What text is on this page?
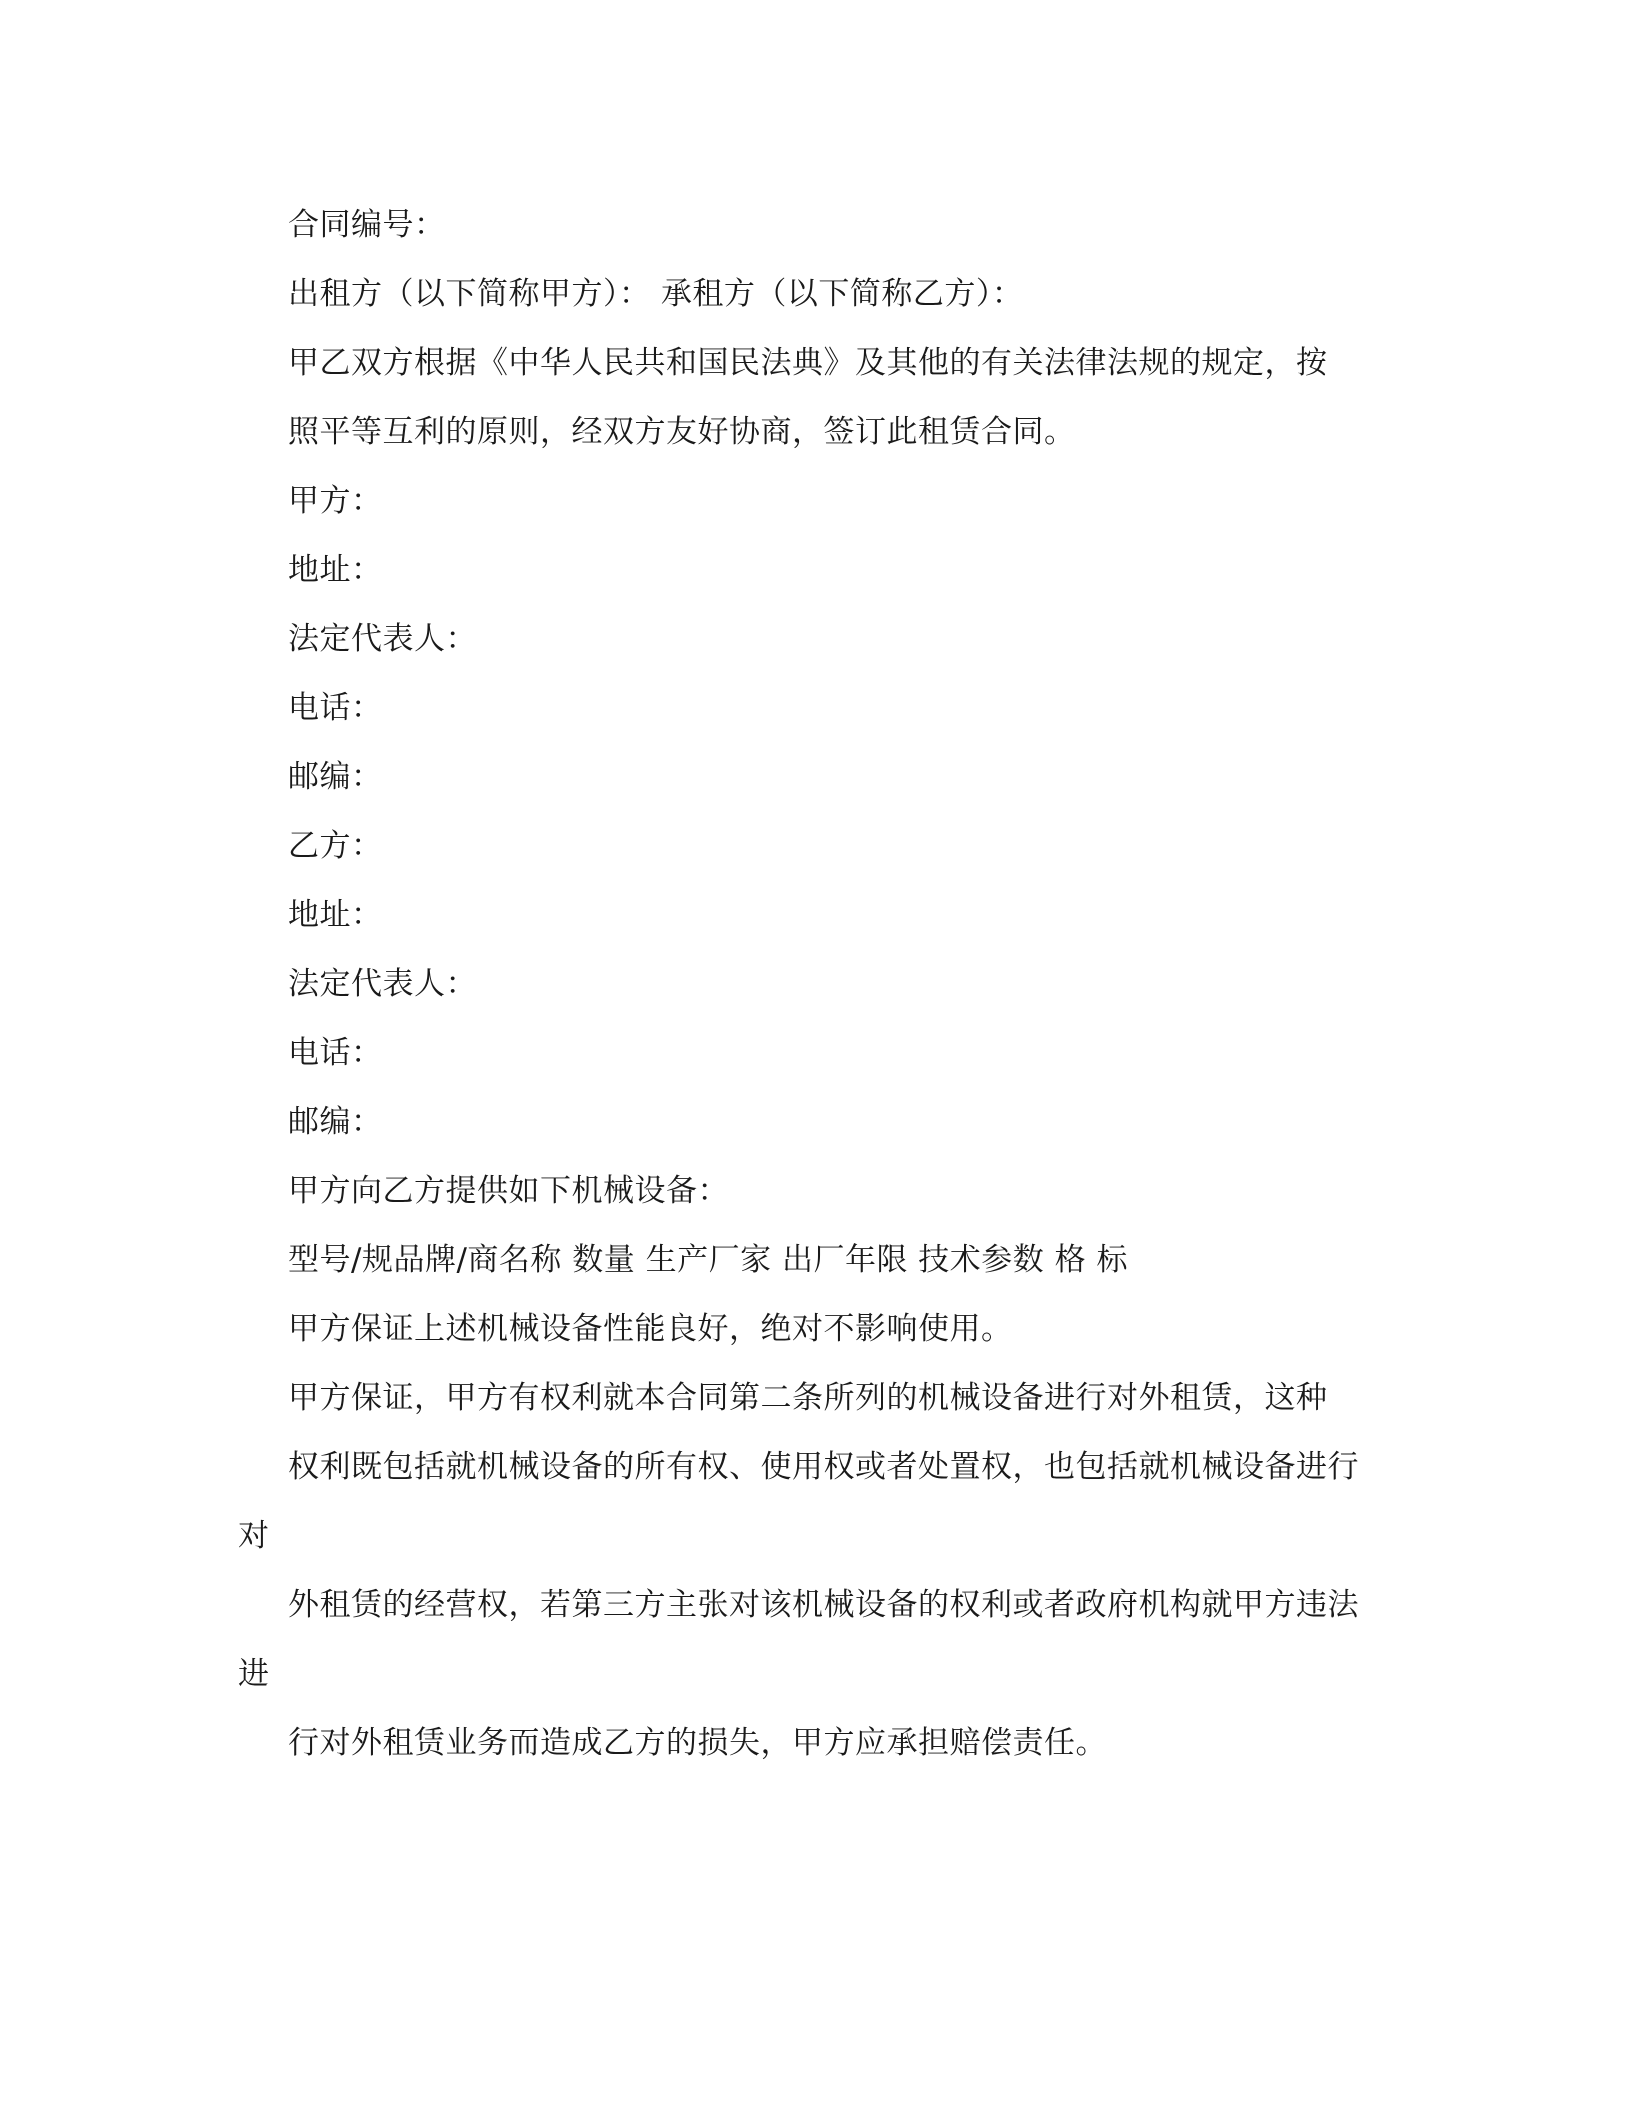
合同编号：
出租方（以下简称甲方）： 承租方（以下简称乙方）：
甲乙双方根据《中华人民共和国民法典》及其他的有关法律法规的规定，按
照平等互利的原则，经双方友好协商，签订此租赁合同。
甲方：
地址：
法定代表人：
电话：
邮编：
乙方：
地址：
法定代表人：
电话：
邮编：
甲方向乙方提供如下机械设备：
型号/规品牌/商名称 数量 生产厂家 出厂年限 技术参数 格 标
甲方保证上述机械设备性能良好，绝对不影响使用。
甲方保证，甲方有权利就本合同第二条所列的机械设备进行对外租赁，这种
权利既包括就机械设备的所有权、使用权或者处置权，也包括就机械设备进行
对
外租赁的经营权，若第三方主张对该机械设备的权利或者政府机构就甲方违法
进
行对外租赁业务而造成乙方的损失，甲方应承担赔偿责任。
